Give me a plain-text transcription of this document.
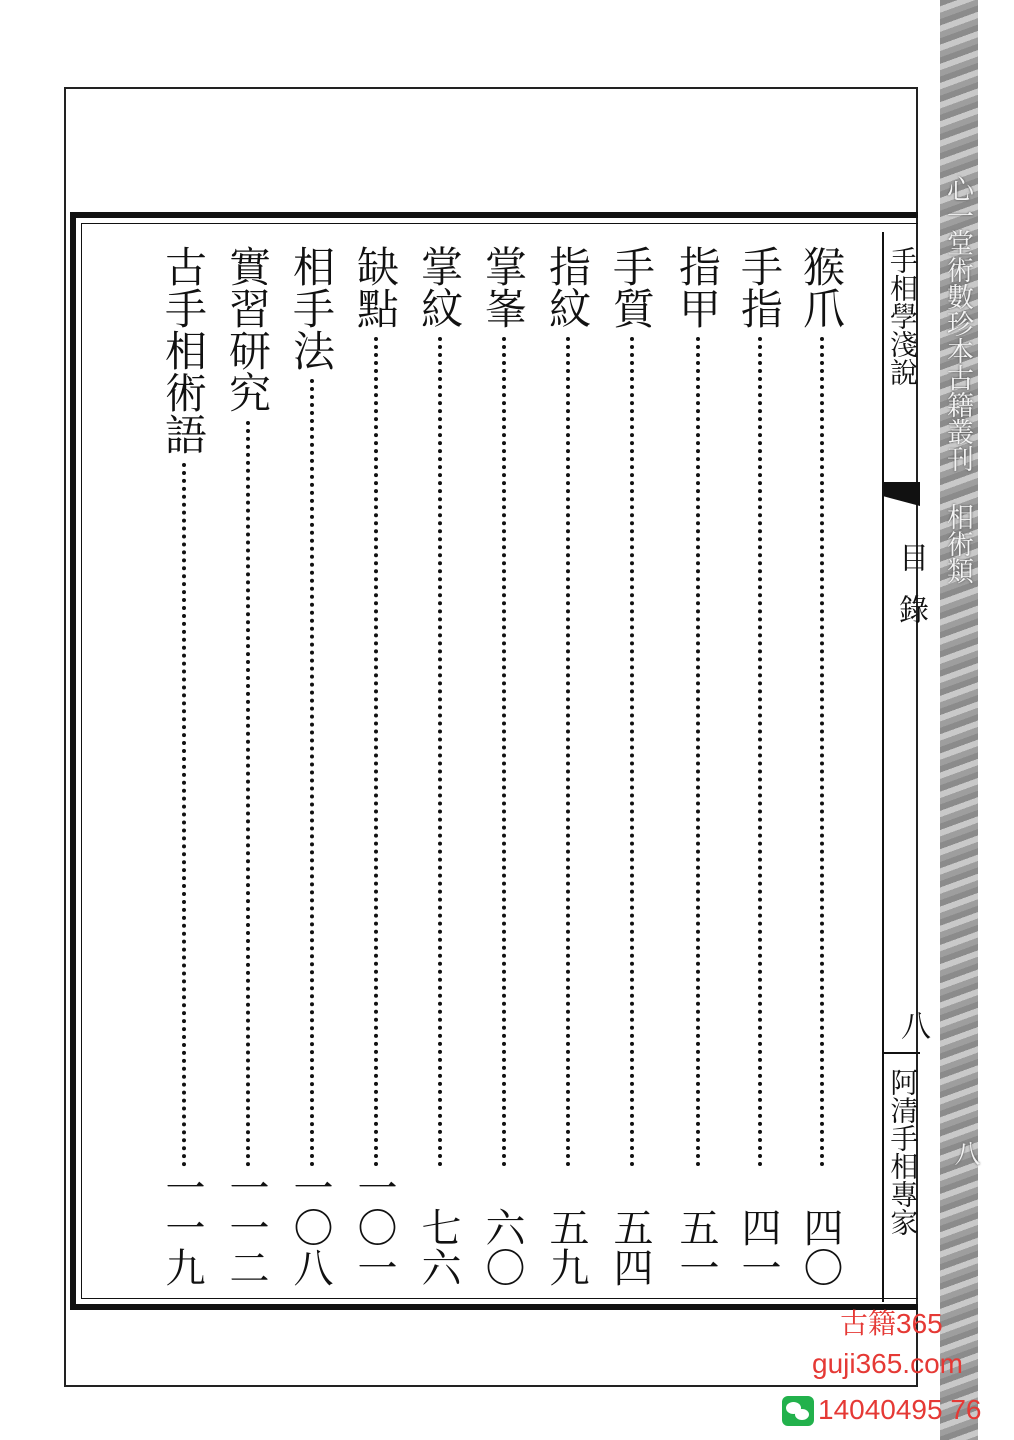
手相學淺說
目錄
八
阿清手相專家
猴爪
四〇
手指
四一
指甲
五一
手質
五四
指紋
五九
掌峯
六〇
掌紋
七六
缺點
一〇一
相手法
一〇八
實習研究
一一二
古手相術語
一一九
心一堂術數珍本古籍叢刊 相術類
八
古籍365
guji365.com
14040495 76
